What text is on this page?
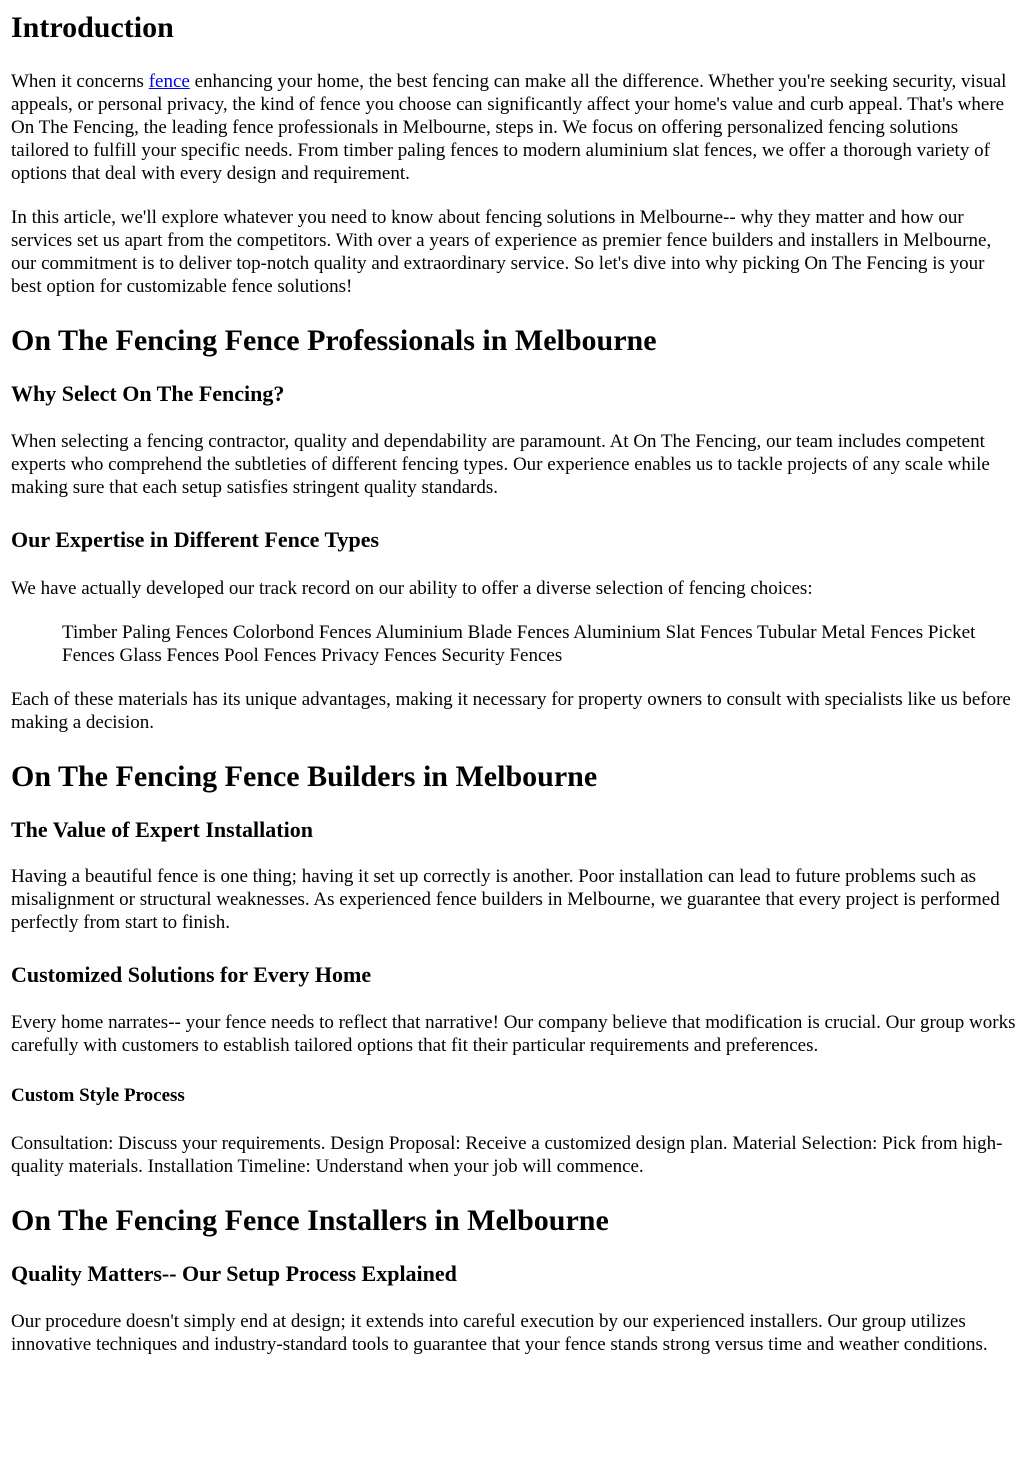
Introduction

When it concerns fence enhancing your home, the best fencing can make all the difference. Whether you're seeking security, visual appeals, or personal privacy, the kind of fence you choose can significantly affect your home's value and curb appeal. That's where On The Fencing, the leading fence professionals in Melbourne, steps in. We focus on offering personalized fencing solutions tailored to fulfill your specific needs. From timber paling fences to modern aluminium slat fences, we offer a thorough variety of options that deal with every design and requirement.

In this article, we'll explore whatever you need to know about fencing solutions in Melbourne-- why they matter and how our services set us apart from the competitors. With over a years of experience as premier fence builders and installers in Melbourne, our commitment is to deliver top-notch quality and extraordinary service. So let's dive into why picking On The Fencing is your best option for customizable fence solutions!

On The Fencing Fence Professionals in Melbourne
Why Select On The Fencing?

When selecting a fencing contractor, quality and dependability are paramount. At On The Fencing, our team includes competent experts who comprehend the subtleties of different fencing types. Our experience enables us to tackle projects of any scale while making sure that each setup satisfies stringent quality standards.

Our Expertise in Different Fence Types

We have actually developed our track record on our ability to offer a diverse selection of fencing choices:

Timber Paling Fences Colorbond Fences Aluminium Blade Fences Aluminium Slat Fences Tubular Metal Fences Picket Fences Glass Fences Pool Fences Privacy Fences Security Fences

Each of these materials has its unique advantages, making it necessary for property owners to consult with specialists like us before making a decision.

On The Fencing Fence Builders in Melbourne
The Value of Expert Installation

Having a beautiful fence is one thing; having it set up correctly is another. Poor installation can lead to future problems such as misalignment or structural weaknesses. As experienced fence builders in Melbourne, we guarantee that every project is performed perfectly from start to finish.

Customized Solutions for Every Home

Every home narrates-- your fence needs to reflect that narrative! Our company believe that modification is crucial. Our group works carefully with customers to establish tailored options that fit their particular requirements and preferences.

Custom Style Process

Consultation: Discuss your requirements. Design Proposal: Receive a customized design plan. Material Selection: Pick from high-quality materials. Installation Timeline: Understand when your job will commence.

On The Fencing Fence Installers in Melbourne
Quality Matters-- Our Setup Process Explained

Our procedure doesn't simply end at design; it extends into careful execution by our experienced installers. Our group utilizes innovative techniques and industry-standard tools to guarantee that your fence stands strong versus time and weather conditions.
